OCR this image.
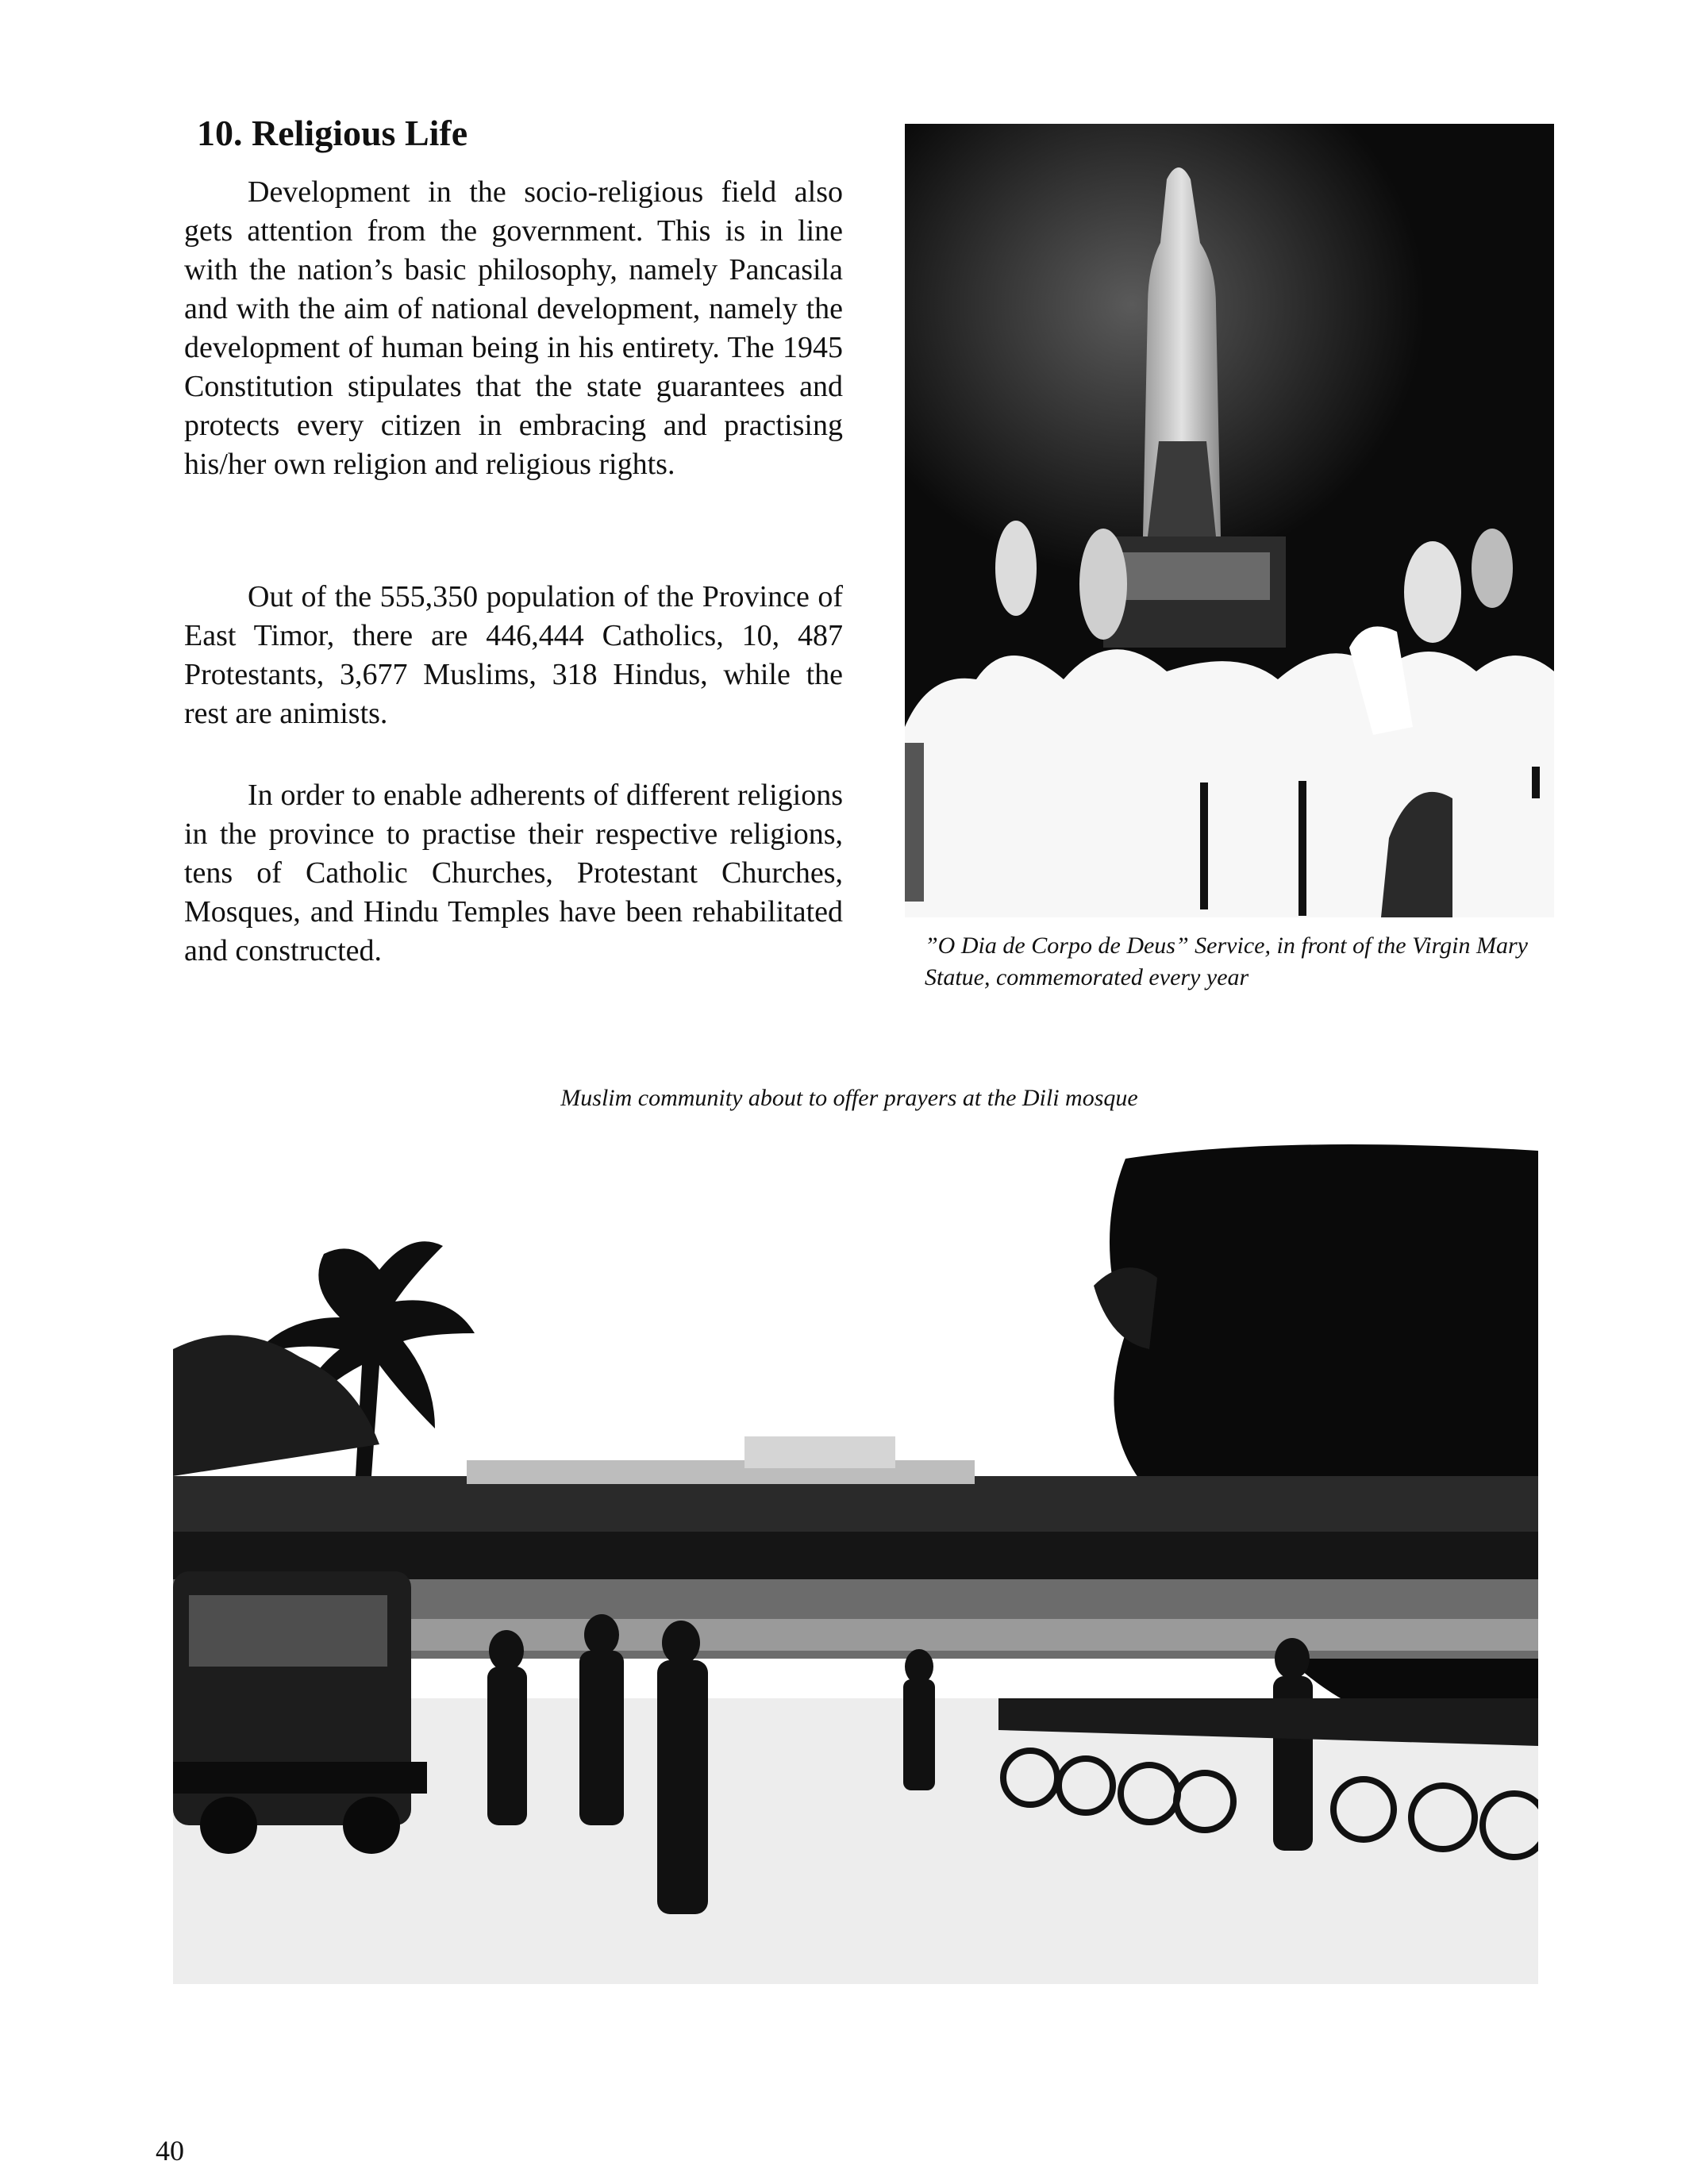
10. Religious Life

Development in the socio-religious field also gets attention from the government. This is in line with the nation’s basic philosophy, namely Pancasila and with the aim of national development, namely the development of human being in his entirety. The 1945 Constitution stipulates that the state guarantees and protects every citizen in embracing and practising his/her own religion and religious rights.

Out of the 555,350 population of the Province of East Timor, there are 446,444 Catholics, 10, 487 Protestants, 3,677 Muslims, 318 Hindus, while the rest are animists.

In order to enable adherents of different religions in the province to practise their respective religions, tens of Catholic Churches, Protestant Churches, Mosques, and Hindu Temples have been rehabilitated and constructed.	”O Dia de Corpo de Deus” Service, in front of the Virgin Mary Statue, commemorated every year
Muslim community about to offer prayers at the Dili mosque
40
